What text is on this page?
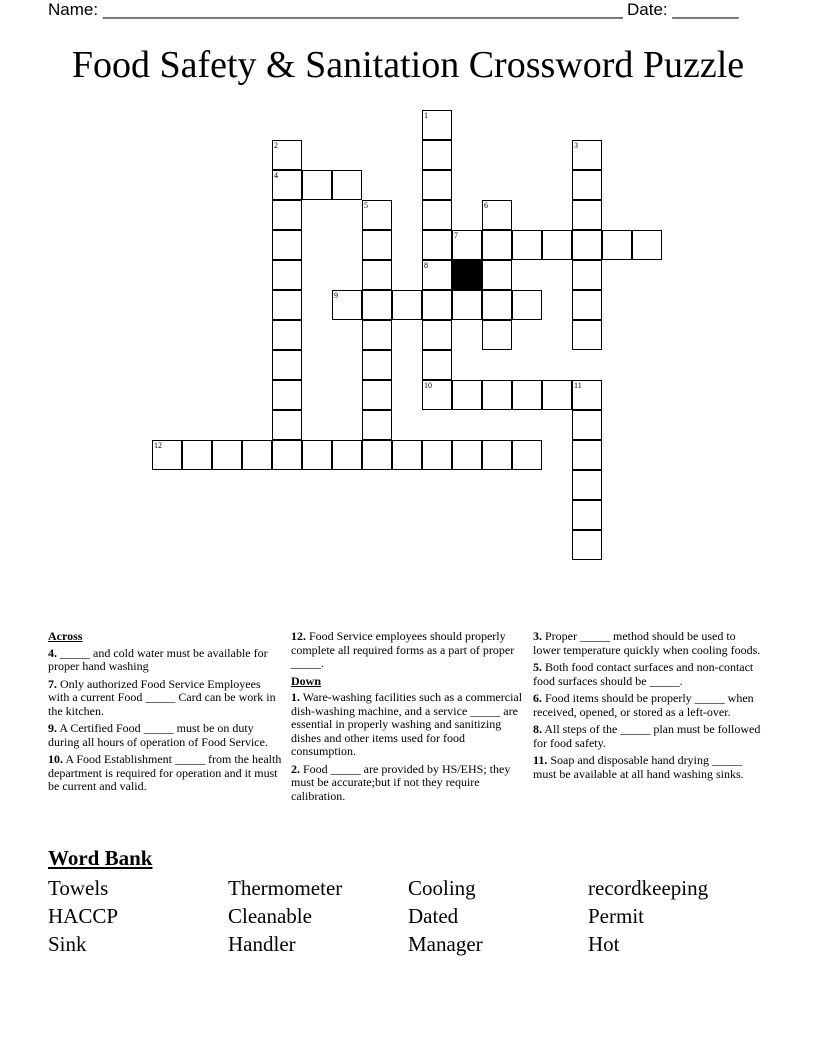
Name: _______________________________________________________ Date: _______
Food Safety & Sanitation Crossword Puzzle
1
8
10
2
4
3
5	6
7
9
11
12
Across
4. _____ and cold water must be available for proper hand washing
7. Only authorized Food Service Employees with a current Food _____ Card can be work in the kitchen.
9. A Certified Food _____ must be on duty during all hours of operation of Food Service.
10. A Food Establishment _____ from the health department is required for operation and it must be current and valid.
12. Food Service employees should properly complete all required forms as a part of proper _____.
Down
1. Ware-washing facilities such as a commercial dish-washing machine, and a service _____ are essential in properly washing and sanitizing dishes and other items used for food consumption.
2. Food _____ are provided by HS/EHS; they must be accurate;but if not they require calibration.
3. Proper _____ method should be used to lower temperature quickly when cooling foods.
5. Both food contact surfaces and non-contact food surfaces should be _____.
6. Food items should be properly _____ when received, opened, or stored as a left-over.
8. All steps of the _____ plan must be followed for food safety.
11. Soap and disposable hand drying _____ must be available at all hand washing sinks.
Word Bank
Towels	Thermometer	Cooling	recordkeeping
HACCP	Cleanable	Dated	Permit
Sink	Handler	Manager	Hot
